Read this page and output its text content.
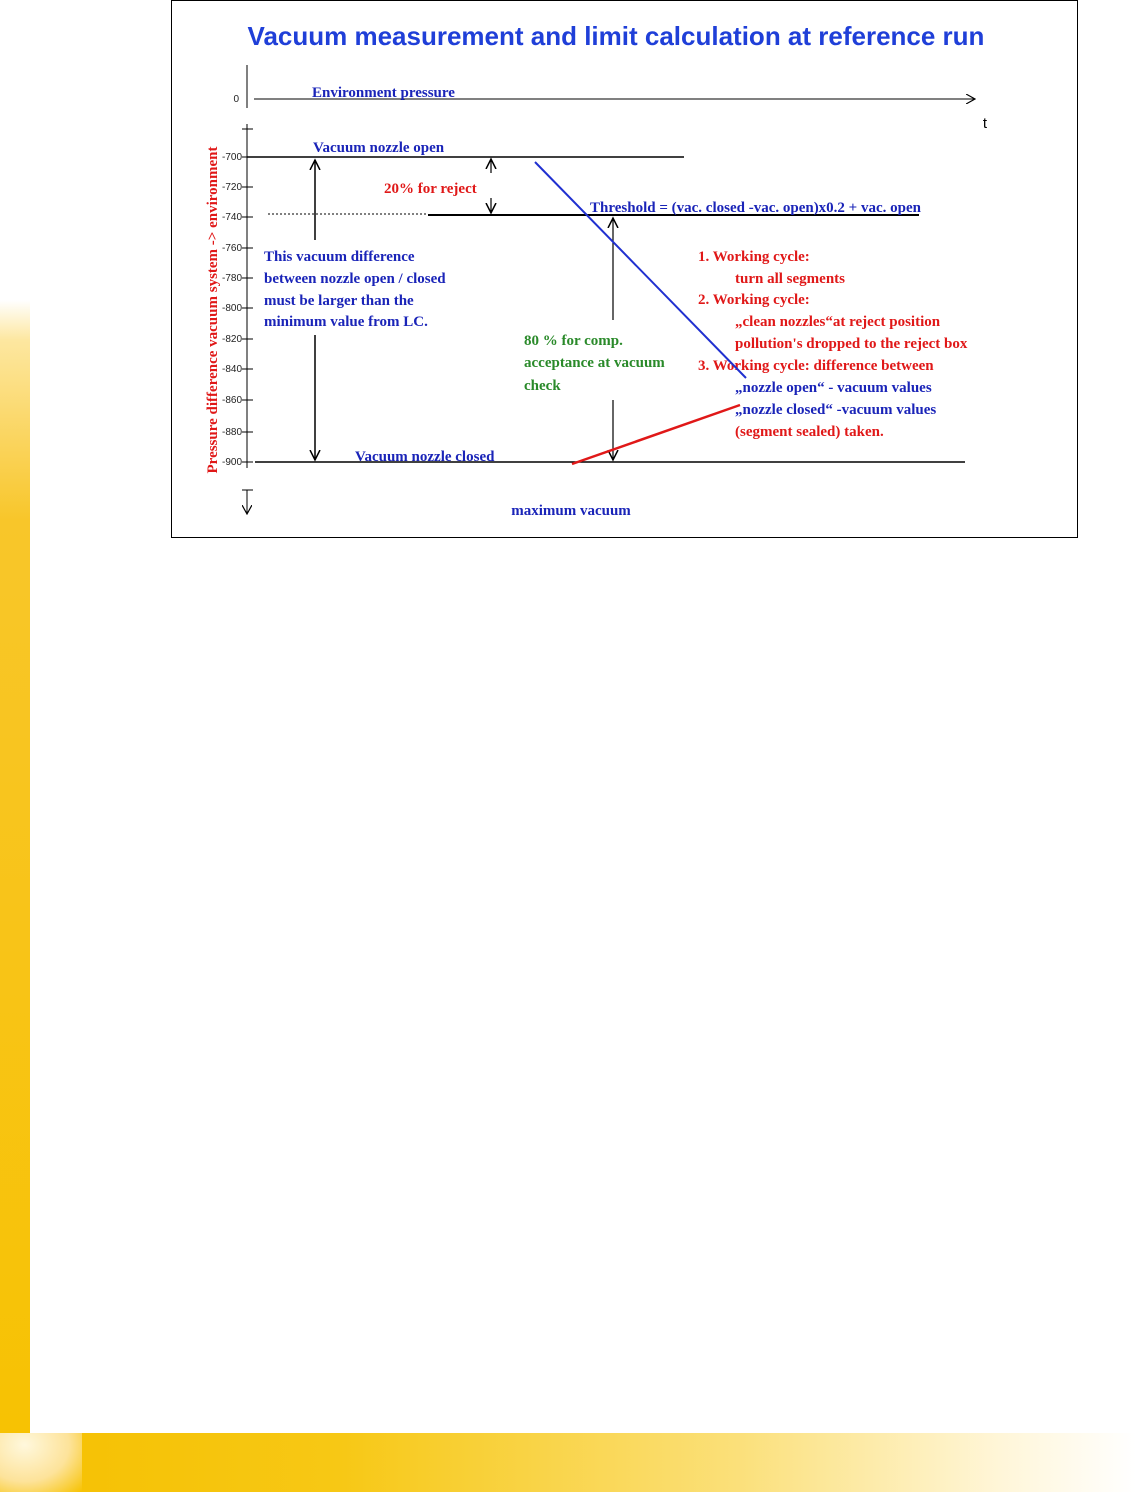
Vacuum measurement and limit calculation at reference run
0
t
Environment pressure
-700
-720
-740
-760
-780
-800
-820
-840
-860
-880
-900
Pressure difference vacuum system -> environment	Vacuum nozzle open
Threshold = (vac. closed -vac. open)x0.2 + vac. open
20% for reject
This vacuum difference
between nozzle open / closed
must be larger than the
minimum value from LC.
Vacuum nozzle closed
80 % for comp.
acceptance at vacuum
check
maximum vacuum
1. Working cycle:
turn all segments
2. Working cycle:
„clean nozzles“at reject position
pollution's dropped to the reject box
3. Working cycle: difference between
„nozzle open“ - vacuum values
„nozzle closed“ -vacuum values
(segment sealed) taken.
